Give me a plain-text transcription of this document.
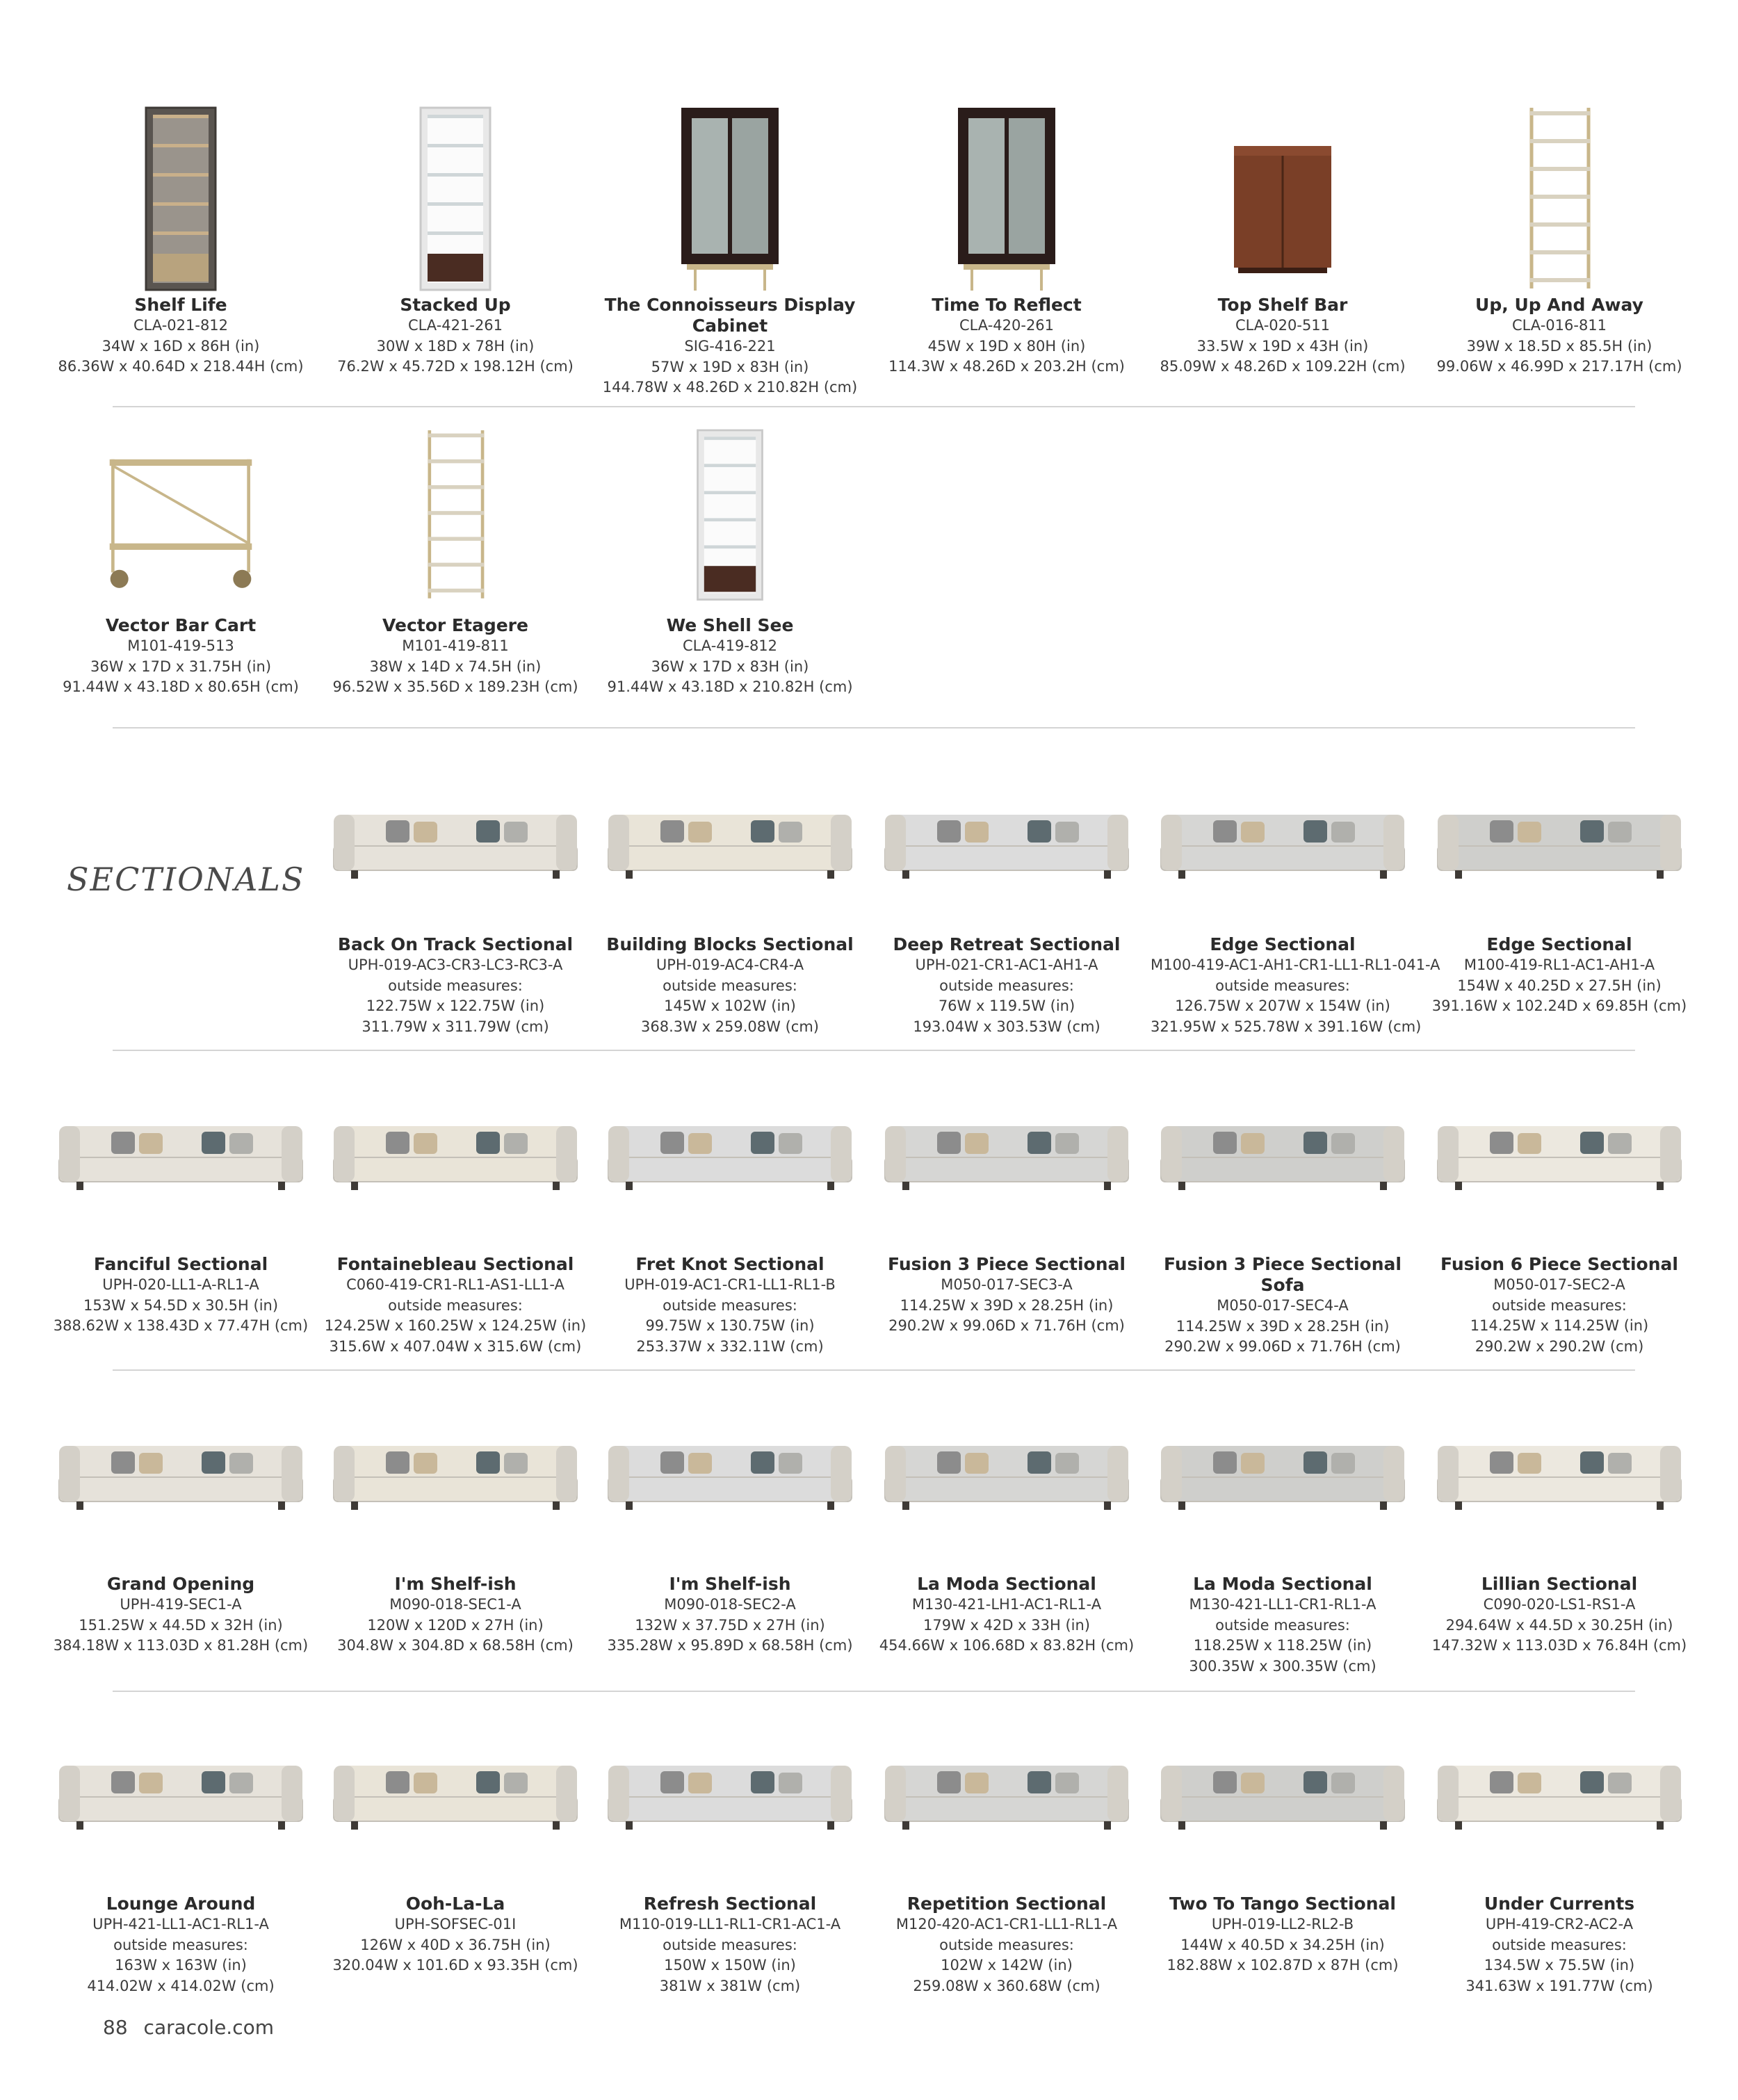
Shelf Life
CLA-021-812
34W x 16D x 86H (in)
86.36W x 40.64D x 218.44H (cm)
Stacked Up
CLA-421-261
30W x 18D x 78H (in)
76.2W x 45.72D x 198.12H (cm)
The Connoisseurs Display Cabinet
SIG-416-221
57W x 19D x 83H (in)
144.78W x 48.26D x 210.82H (cm)
Time To Reflect
CLA-420-261
45W x 19D x 80H (in)
114.3W x 48.26D x 203.2H (cm)
Top Shelf Bar
CLA-020-511
33.5W x 19D x 43H (in)
85.09W x 48.26D x 109.22H (cm)
Up, Up And Away
CLA-016-811
39W x 18.5D x 85.5H (in)
99.06W x 46.99D x 217.17H (cm)
Vector Bar Cart
M101-419-513
36W x 17D x 31.75H (in)
91.44W x 43.18D x 80.65H (cm)
Vector Etagere
M101-419-811
38W x 14D x 74.5H (in)
96.52W x 35.56D x 189.23H (cm)
We Shell See
CLA-419-812
36W x 17D x 83H (in)
91.44W x 43.18D x 210.82H (cm)
Back On Track Sectional
UPH-019-AC3-CR3-LC3-RC3-A
outside measures:
122.75W x 122.75W (in)
311.79W x 311.79W (cm)
Building Blocks Sectional
UPH-019-AC4-CR4-A
outside measures:
145W x 102W (in)
368.3W x 259.08W (cm)
Deep Retreat Sectional
UPH-021-CR1-AC1-AH1-A
outside measures:
76W x 119.5W (in)
193.04W x 303.53W (cm)
Edge Sectional
M100-419-AC1-AH1-CR1-LL1-RL1-041-A
outside measures:
126.75W x 207W x 154W (in)
321.95W x 525.78W x 391.16W (cm)
Edge Sectional
M100-419-RL1-AC1-AH1-A
154W x 40.25D x 27.5H (in)
391.16W x 102.24D x 69.85H (cm)
Fanciful Sectional
UPH-020-LL1-A-RL1-A
153W x 54.5D x 30.5H (in)
388.62W x 138.43D x 77.47H (cm)
Fontainebleau Sectional
C060-419-CR1-RL1-AS1-LL1-A
outside measures:
124.25W x 160.25W x 124.25W (in)
315.6W x 407.04W x 315.6W (cm)
Fret Knot Sectional
UPH-019-AC1-CR1-LL1-RL1-B
outside measures:
99.75W x 130.75W (in)
253.37W x 332.11W (cm)
Fusion 3 Piece Sectional
M050-017-SEC3-A
114.25W x 39D x 28.25H (in)
290.2W x 99.06D x 71.76H (cm)
Fusion 3 Piece Sectional Sofa
M050-017-SEC4-A
114.25W x 39D x 28.25H (in)
290.2W x 99.06D x 71.76H (cm)
Fusion 6 Piece Sectional
M050-017-SEC2-A
outside measures:
114.25W x 114.25W (in)
290.2W x 290.2W (cm)
Grand Opening
UPH-419-SEC1-A
151.25W x 44.5D x 32H (in)
384.18W x 113.03D x 81.28H (cm)
I'm Shelf-ish
M090-018-SEC1-A
120W x 120D x 27H (in)
304.8W x 304.8D x 68.58H (cm)
I'm Shelf-ish
M090-018-SEC2-A
132W x 37.75D x 27H (in)
335.28W x 95.89D x 68.58H (cm)
La Moda Sectional
M130-421-LH1-AC1-RL1-A
179W x 42D x 33H (in)
454.66W x 106.68D x 83.82H (cm)
La Moda Sectional
M130-421-LL1-CR1-RL1-A
outside measures:
118.25W x 118.25W (in)
300.35W x 300.35W (cm)
Lillian Sectional
C090-020-LS1-RS1-A
294.64W x 44.5D x 30.25H (in)
147.32W x 113.03D x 76.84H (cm)
Lounge Around
UPH-421-LL1-AC1-RL1-A
outside measures:
163W x 163W (in)
414.02W x 414.02W (cm)
Ooh-La-La
UPH-SOFSEC-01I
126W x 40D x 36.75H (in)
320.04W x 101.6D x 93.35H (cm)
Refresh Sectional
M110-019-LL1-RL1-CR1-AC1-A
outside measures:
150W x 150W (in)
381W x 381W (cm)
Repetition Sectional
M120-420-AC1-CR1-LL1-RL1-A
outside measures:
102W x 142W (in)
259.08W x 360.68W (cm)
Two To Tango Sectional
UPH-019-LL2-RL2-B
144W x 40.5D x 34.25H (in)
182.88W x 102.87D x 87H (cm)
Under Currents
UPH-419-CR2-AC2-A
outside measures:
134.5W x 75.5W (in)
341.63W x 191.77W (cm)
SECTIONALS
88 caracole.com
